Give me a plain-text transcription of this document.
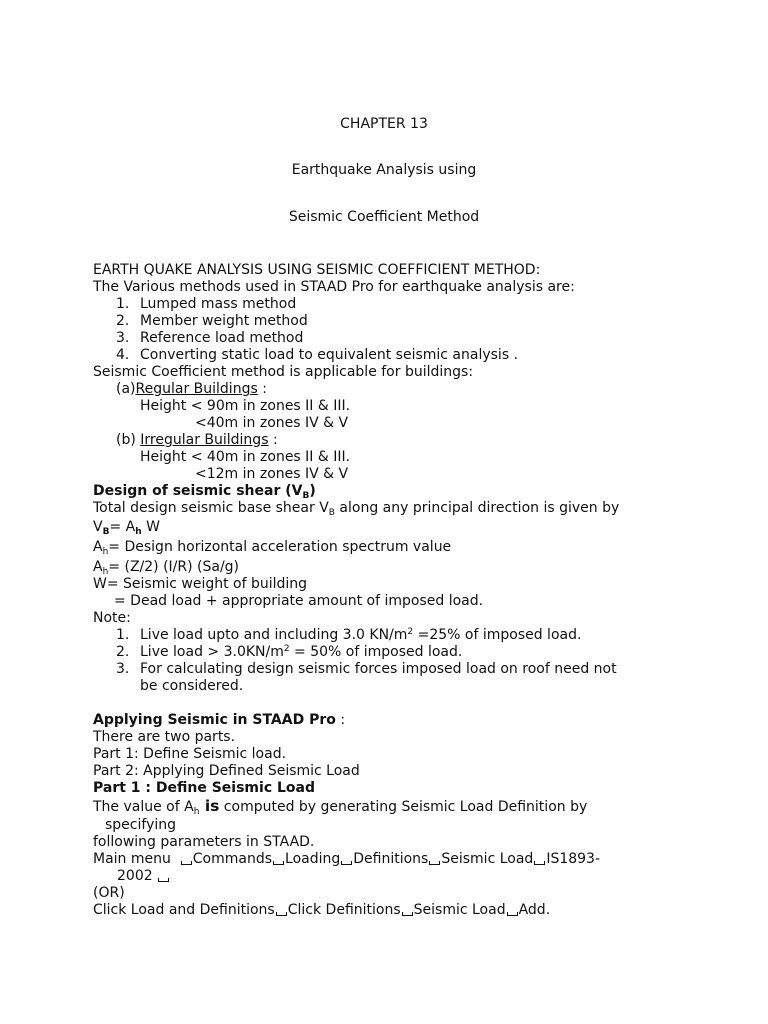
CHAPTER 13
Earthquake Analysis using
Seismic Coefficient Method
EARTH QUAKE ANALYSIS USING SEISMIC COEFFICIENT METHOD:
The Various methods used in STAAD Pro for earthquake analysis are:
1. Lumped mass method
2. Member weight method
3. Reference load method
4. Converting static load to equivalent seismic analysis .
Seismic Coefficient method is applicable for buildings:
(a)Regular Buildings :
Height < 90m in zones II & III.
<40m in zones IV & V
(b) Irregular Buildings :
Height < 40m in zones II & III.
<12m in zones IV & V
Design of seismic shear $(V_B)$
Total design seismic base shear $V_B$ along any principal direction is given by
$V_B= A_h$ W
$A_h=$ Design horizontal acceleration spectrum value
$A_h= (Z/2)$ (I/R) (Sa/g)
W= Seismic weight of building
= Dead load + appropriate amount of imposed load.
Note:
1. Live load upto and including 3.0 $KN/m^2 =25\%$ of imposed load.
2. Live load > $3.0KN/m^2 = 50\%$ of imposed load.
3. For calculating design seismic forces imposed load on roof need not
be considered.
Applying Seismic in STAAD Pro :
There are two parts.
Part 1: Define Seismic load.
Part 2: Applying Defined Seismic Load
Part 1 : Define Seismic Load
The value of $A_h$ is computed by generating Seismic Load Definition by
specifying
following parameters in STAAD.
Main menu Commands Loading Definitions Seismic Load IS1893-
2002
(OR)
Click Load and Definitions Click Definitions Seismic Load Add.
